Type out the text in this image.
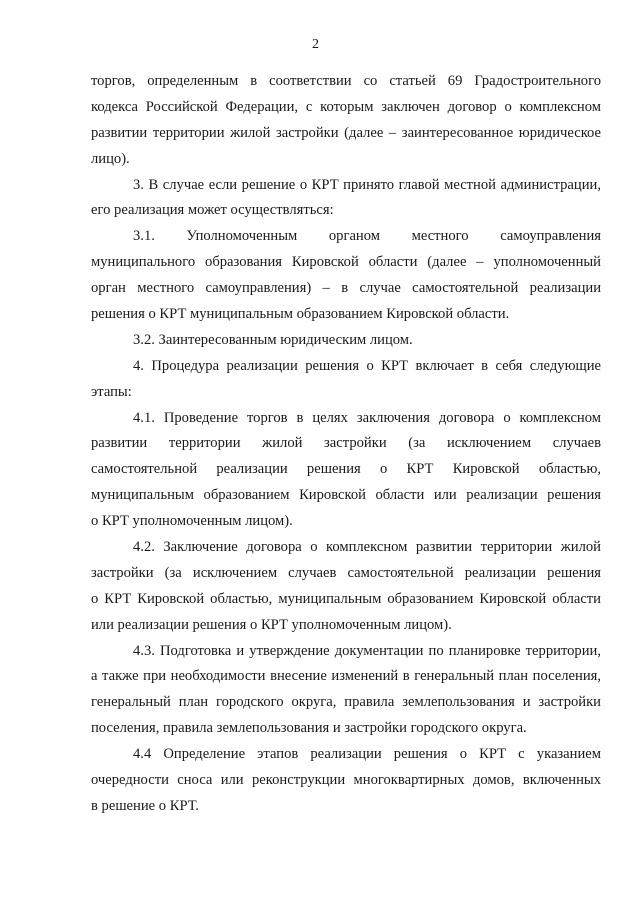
2
торгов, определенным в соответствии со статьей 69 Градостроительного
кодекса Российской Федерации, с которым заключен договор о комплексном
развитии территории жилой застройки (далее – заинтересованное юридическое
лицо).
3. В случае если решение о КРТ принято главой местной администрации,
его реализация может осуществляться:
3.1. Уполномоченным органом местного самоуправления
муниципального образования Кировской области (далее – уполномоченный
орган местного самоуправления) – в случае самостоятельной реализации
решения о КРТ муниципальным образованием Кировской области.
3.2. Заинтересованным юридическим лицом.
4. Процедура реализации решения о КРТ включает в себя следующие
этапы:
4.1. Проведение торгов в целях заключения договора о комплексном
развитии территории жилой застройки (за исключением случаев
самостоятельной реализации решения о КРТ Кировской областью,
муниципальным образованием Кировской области или реализации решения
о КРТ уполномоченным лицом).
4.2. Заключение договора о комплексном развитии территории жилой
застройки (за исключением случаев самостоятельной реализации решения
о КРТ Кировской областью, муниципальным образованием Кировской области
или реализации решения о КРТ уполномоченным лицом).
4.3. Подготовка и утверждение документации по планировке территории,
а также при необходимости внесение изменений в генеральный план поселения,
генеральный план городского округа, правила землепользования и застройки
поселения, правила землепользования и застройки городского округа.
4.4 Определение этапов реализации решения о КРТ с указанием
очередности сноса или реконструкции многоквартирных домов, включенных
в решение о КРТ.
